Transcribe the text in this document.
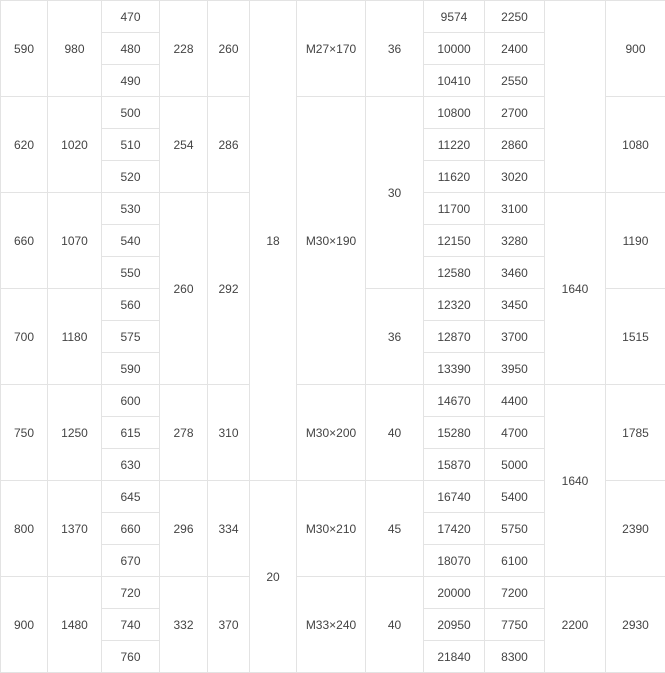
590	980	470	228	260	18	M27×170	36	9574	2250		900
		480						10000	2400		
		490						10410	2550		
620	1020	500	254	286		M30×190	30	10800	2700		1080
		510						11220	2860		
		520						11620	3020		
660	1070	530	260	292				11700	3100	1640	1190
		540						12150	3280		
		550						12580	3460		
700	1180	560					36	12320	3450		1515
		575						12870	3700		
		590						13390	3950		
750	1250	600	278	310		M30×200	40	14670	4400	1640	1785
		615						15280	4700		
		630						15870	5000		
800	1370	645	296	334	20	M30×210	45	16740	5400		2390
		660						17420	5750		
		670						18070	6100		
900	1480	720	332	370		M33×240	40	20000	7200	2200	2930
		740						20950	7750		
		760						21840	8300		
